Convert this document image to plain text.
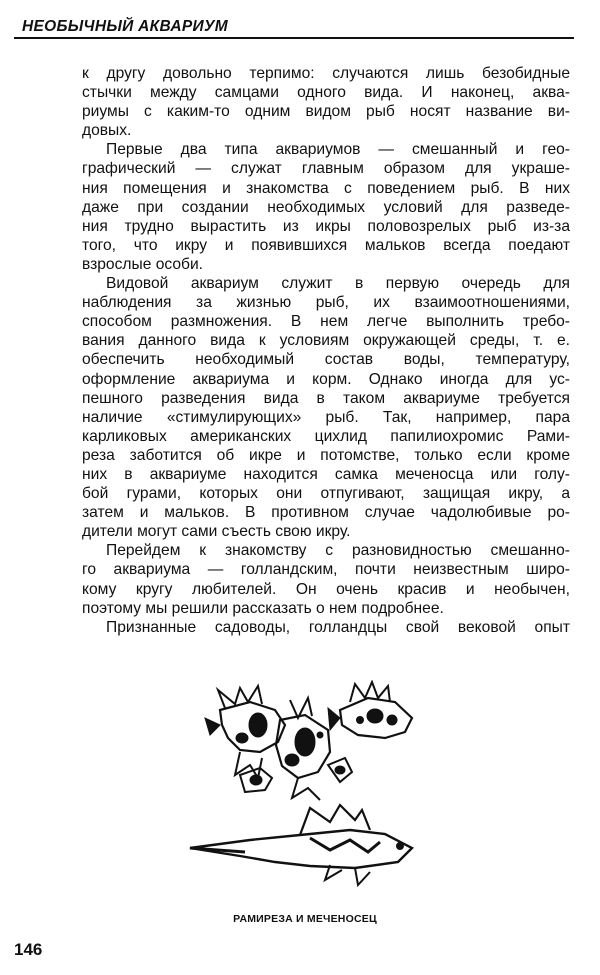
НЕОБЫЧНЫЙ АКВАРИУМ
к другу довольно терпимо: случаются лишь безобидные
стычки между самцами одного вида. И наконец, аква-
риумы с каким-то одним видом рыб носят название ви-
довых.
Первые два типа аквариумов — смешанный и гео-
графический — служат главным образом для украше-
ния помещения и знакомства с поведением рыб. В них
даже при создании необходимых условий для разведе-
ния трудно вырастить из икры половозрелых рыб из-за
того, что икру и появившихся мальков всегда поедают
взрослые особи.
Видовой аквариум служит в первую очередь для
наблюдения за жизнью рыб, их взаимоотношениями,
способом размножения. В нем легче выполнить требо-
вания данного вида к условиям окружающей среды, т. е.
обеспечить необходимый состав воды, температуру,
оформление аквариума и корм. Однако иногда для ус-
пешного разведения вида в таком аквариуме требуется
наличие «стимулирующих» рыб. Так, например, пара
карликовых американских цихлид папилиохромис Рами-
реза заботится об икре и потомстве, только если кроме
них в аквариуме находится самка меченосца или голу-
бой гурами, которых они отпугивают, защищая икру, а
затем и мальков. В противном случае чадолюбивые ро-
дители могут сами съесть свою икру.
Перейдем к знакомству с разновидностью смешанно-
го аквариума — голландским, почти неизвестным широ-
кому кругу любителей. Он очень красив и необычен,
поэтому мы решили рассказать о нем подробнее.
Признанные садоводы, голландцы свой вековой опыт
РАМИРЕЗА И МЕЧЕНОСЕЦ
146
